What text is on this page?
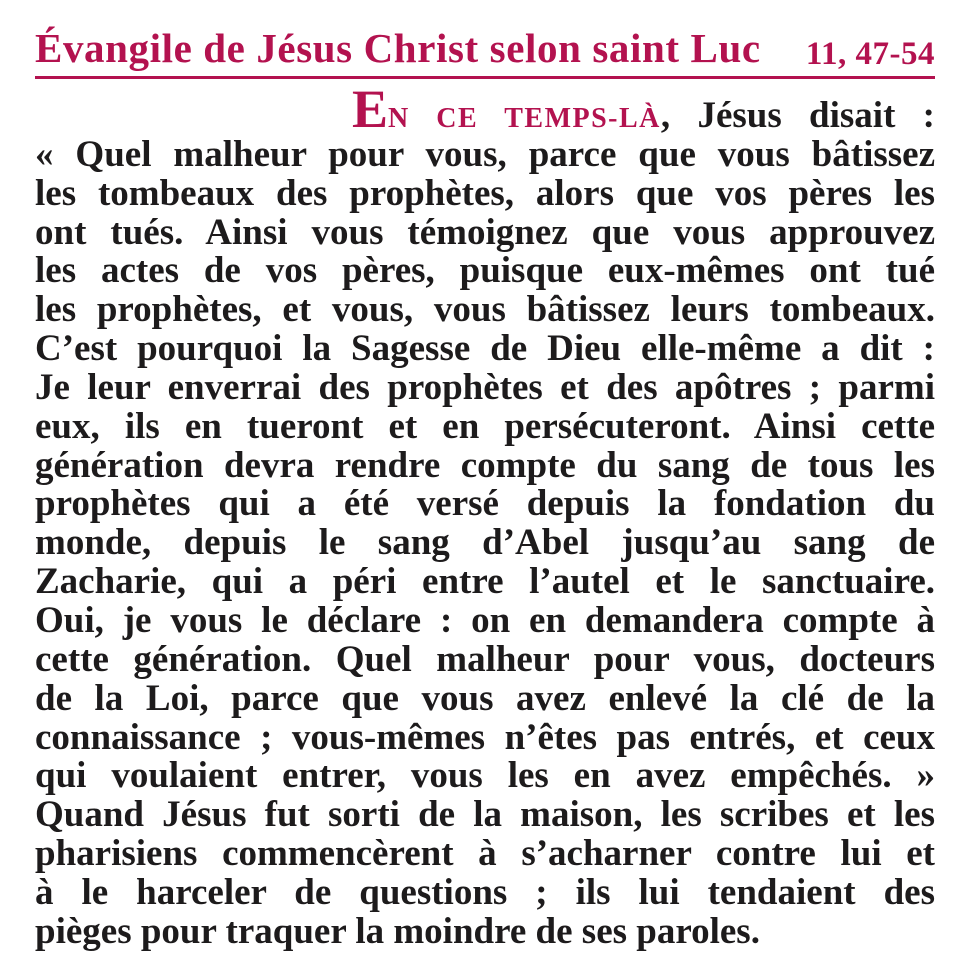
Évangile de Jésus Christ selon saint Luc 11, 47-54
EN CE TEMPS-LÀ, Jésus disait :
« Quel malheur pour vous, parce que vous bâtissez
les tombeaux des prophètes, alors que vos pères les
ont tués. Ainsi vous témoignez que vous approuvez
les actes de vos pères, puisque eux-mêmes ont tué
les prophètes, et vous, vous bâtissez leurs tombeaux.
C’est pourquoi la Sagesse de Dieu elle-même a dit :
Je leur enverrai des prophètes et des apôtres ; parmi
eux, ils en tueront et en persécuteront. Ainsi cette
génération devra rendre compte du sang de tous les
prophètes qui a été versé depuis la fondation du
monde, depuis le sang d’Abel jusqu’au sang de
Zacharie, qui a péri entre l’autel et le sanctuaire.
Oui, je vous le déclare : on en demandera compte à
cette génération. Quel malheur pour vous, docteurs
de la Loi, parce que vous avez enlevé la clé de la
connaissance ; vous-mêmes n’êtes pas entrés, et ceux
qui voulaient entrer, vous les en avez empêchés. »
Quand Jésus fut sorti de la maison, les scribes et les
pharisiens commencèrent à s’acharner contre lui et
à le harceler de questions ; ils lui tendaient des
pièges pour traquer la moindre de ses paroles.
